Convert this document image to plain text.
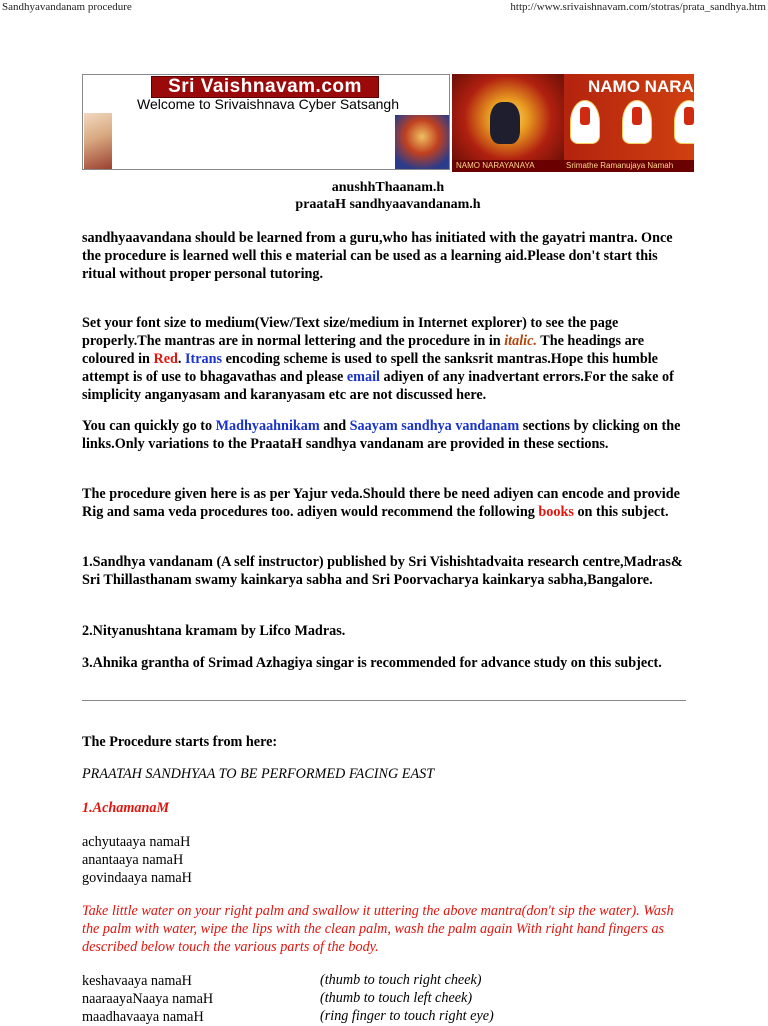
Sandhyavandanam procedure	http://www.srivaishnavam.com/stotras/prata_sandhya.htm
Sri Vaishnavam.com
Welcome to Srivaishnava Cyber Satsangh
NAMO NARA
NAMO NARAYANAYA	Srimathe Ramanujaya Namah
anushhThaanam.h
praataH sandhyaavandanam.h
sandhyaavandana should be learned from a guru,who has initiated with the gayatri mantra. Once the procedure is learned well this e material can be used as a learning aid.Please don't start this
ritual without proper personal tutoring.
Set your font size to medium(View/Text size/medium in Internet explorer) to see the page properly.The mantras are in normal lettering and the procedure in in italic. The headings are coloured in Red. Itrans encoding scheme is used to spell the sanksrit mantras.Hope this humble attempt is of use to bhagavathas and please email adiyen of any inadvertant errors.For the sake of simplicity anganyasam and karanyasam etc are not discussed here.
You can quickly go to Madhyaahnikam and Saayam sandhya vandanam sections by clicking on the links.Only variations to the PraataH sandhya vandanam are provided in these sections.
The procedure given here is as per Yajur veda.Should there be need adiyen can encode and provide Rig and sama veda procedures too. adiyen would recommend the following books on this subject.
1.Sandhya vandanam (A self instructor) published by Sri Vishishtadvaita research centre,Madras& Sri Thillasthanam swamy kainkarya sabha and Sri Poorvacharya kainkarya sabha,Bangalore.
2.Nityanushtana kramam by Lifco Madras.
3.Ahnika grantha of Srimad Azhagiya singar is recommended for advance study on this subject.
The Procedure starts from here:
PRAATAH SANDHYAA TO BE PERFORMED FACING EAST
1.AchamanaM
achyutaaya namaH
anantaaya namaH
govindaaya namaH
Take little water on your right palm and swallow it uttering the above mantra(don't sip the water). Wash the palm with water, wipe the lips with the clean palm, wash the palm again With right hand fingers as described below touch the various parts of the body.
keshavaaya namaH	(thumb to touch right cheek)
naaraayaNaaya namaH	(thumb to touch left cheek)
maadhavaaya namaH	(ring finger to touch right eye)
